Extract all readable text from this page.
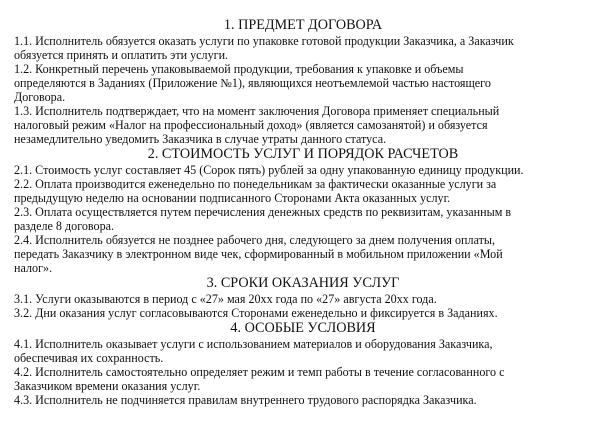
1. ПРЕДМЕТ ДОГОВОРА

1.1. Исполнитель обязуется оказать услуги по упаковке готовой продукции Заказчика, а Заказчик
обязуется принять и оплатить эти услуги.

1.2. Конкретный перечень упаковываемой продукции, требования к упаковке и объемы
определяются в Заданиях (Приложение №1), являющихся неотъемлемой частью настоящего
Договора.

1.3. Исполнитель подтверждает, что на момент заключения Договора применяет специальный
налоговый режим «Налог на профессиональный доход» (является самозанятой) и обязуется
незамедлительно уведомить Заказчика в случае утраты данного статуса.

2. СТОИМОСТЬ УСЛУГ И ПОРЯДОК РАСЧЕТОВ

2.1. Стоимость услуг составляет 45 (Сорок пять) рублей за одну упакованную единицу продукции.

2.2. Оплата производится еженедельно по понедельникам за фактически оказанные услуги за
предыдущую неделю на основании подписанного Сторонами Акта оказанных услуг.

2.3. Оплата осуществляется путем перечисления денежных средств по реквизитам, указанным в
разделе 8 договора.

2.4. Исполнитель обязуется не позднее рабочего дня, следующего за днем получения оплаты,
передать Заказчику в электронном виде чек, сформированный в мобильном приложении «Мой
налог».

3. СРОКИ ОКАЗАНИЯ УСЛУГ

3.1. Услуги оказываются в период с «27» мая 20хх года по «27» августа 20хх года.

3.2. Дни оказания услуг согласовываются Сторонами еженедельно и фиксируется в Заданиях.

4. ОСОБЫЕ УСЛОВИЯ

4.1. Исполнитель оказывает услуги с использованием материалов и оборудования Заказчика,
обеспечивая их сохранность.

4.2. Исполнитель самостоятельно определяет режим и темп работы в течение согласованного с
Заказчиком времени оказания услуг.

4.3. Исполнитель не подчиняется правилам внутреннего трудового распорядка Заказчика.
